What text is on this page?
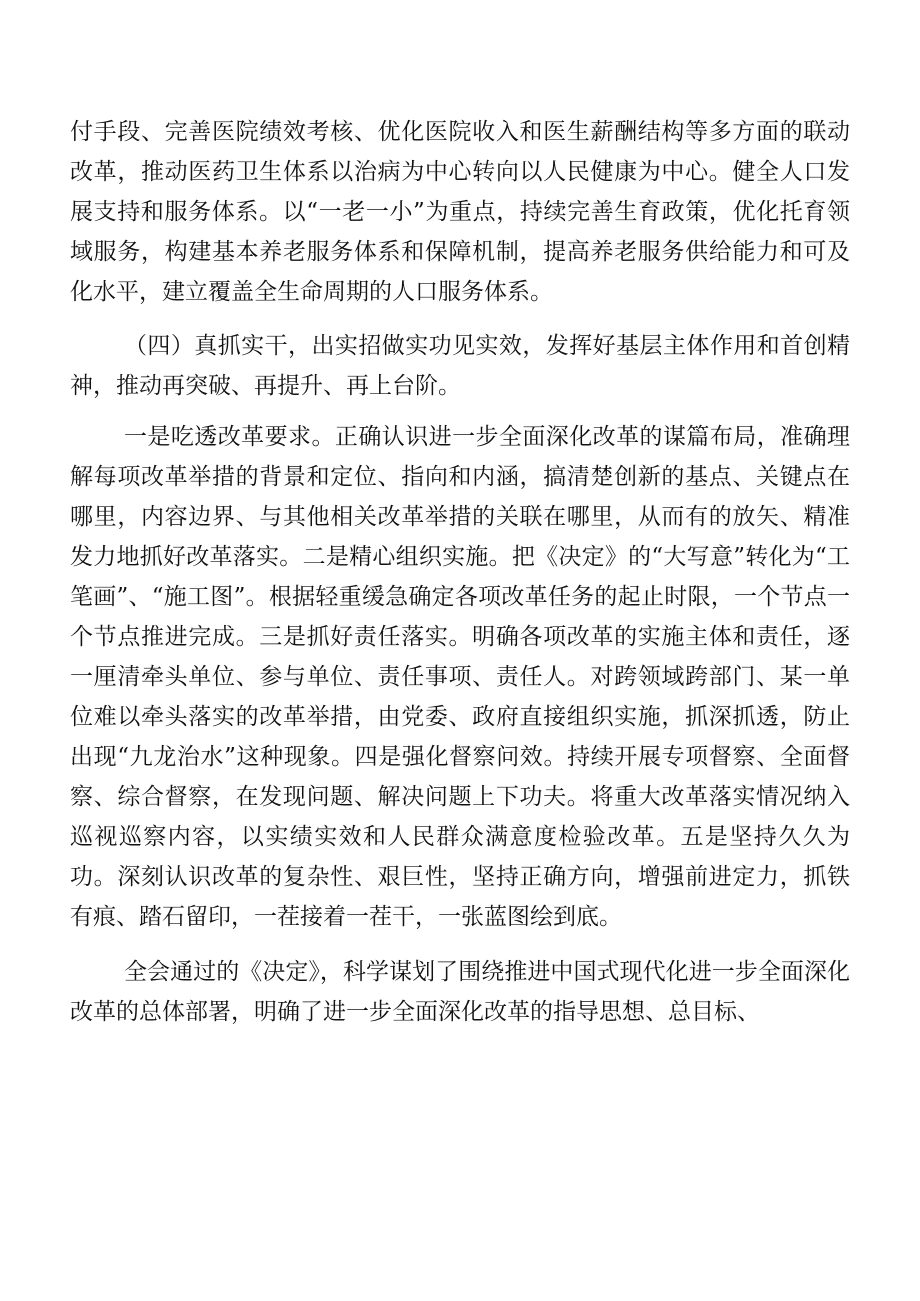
付手段、完善医院绩效考核、优化医院收入和医生薪酬结构等多方面的联动改革，推动医药卫生体系以治病为中心转向以人民健康为中心。健全人口发展支持和服务体系。以“一老一小”为重点，持续完善生育政策，优化托育领域服务，构建基本养老服务体系和保障机制，提高养老服务供给能力和可及化水平，建立覆盖全生命周期的人口服务体系。

（四）真抓实干，出实招做实功见实效，发挥好基层主体作用和首创精神，推动再突破、再提升、再上台阶。

一是吃透改革要求。正确认识进一步全面深化改革的谋篇布局，准确理解每项改革举措的背景和定位、指向和内涵，搞清楚创新的基点、关键点在哪里，内容边界、与其他相关改革举措的关联在哪里，从而有的放矢、精准发力地抓好改革落实。二是精心组织实施。把《决定》的“大写意”转化为“工笔画”、“施工图”。根据轻重缓急确定各项改革任务的起止时限，一个节点一个节点推进完成。三是抓好责任落实。明确各项改革的实施主体和责任，逐一厘清牵头单位、参与单位、责任事项、责任人。对跨领域跨部门、某一单位难以牵头落实的改革举措，由党委、政府直接组织实施，抓深抓透，防止出现“九龙治水”这种现象。四是强化督察问效。持续开展专项督察、全面督察、综合督察，在发现问题、解决问题上下功夫。将重大改革落实情况纳入巡视巡察内容，以实绩实效和人民群众满意度检验改革。五是坚持久久为功。深刻认识改革的复杂性、艰巨性，坚持正确方向，增强前进定力，抓铁有痕、踏石留印，一茬接着一茬干，一张蓝图绘到底。

全会通过的《决定》，科学谋划了围绕推进中国式现代化进一步全面深化改革的总体部署，明确了进一步全面深化改革的指导思想、总目标、
